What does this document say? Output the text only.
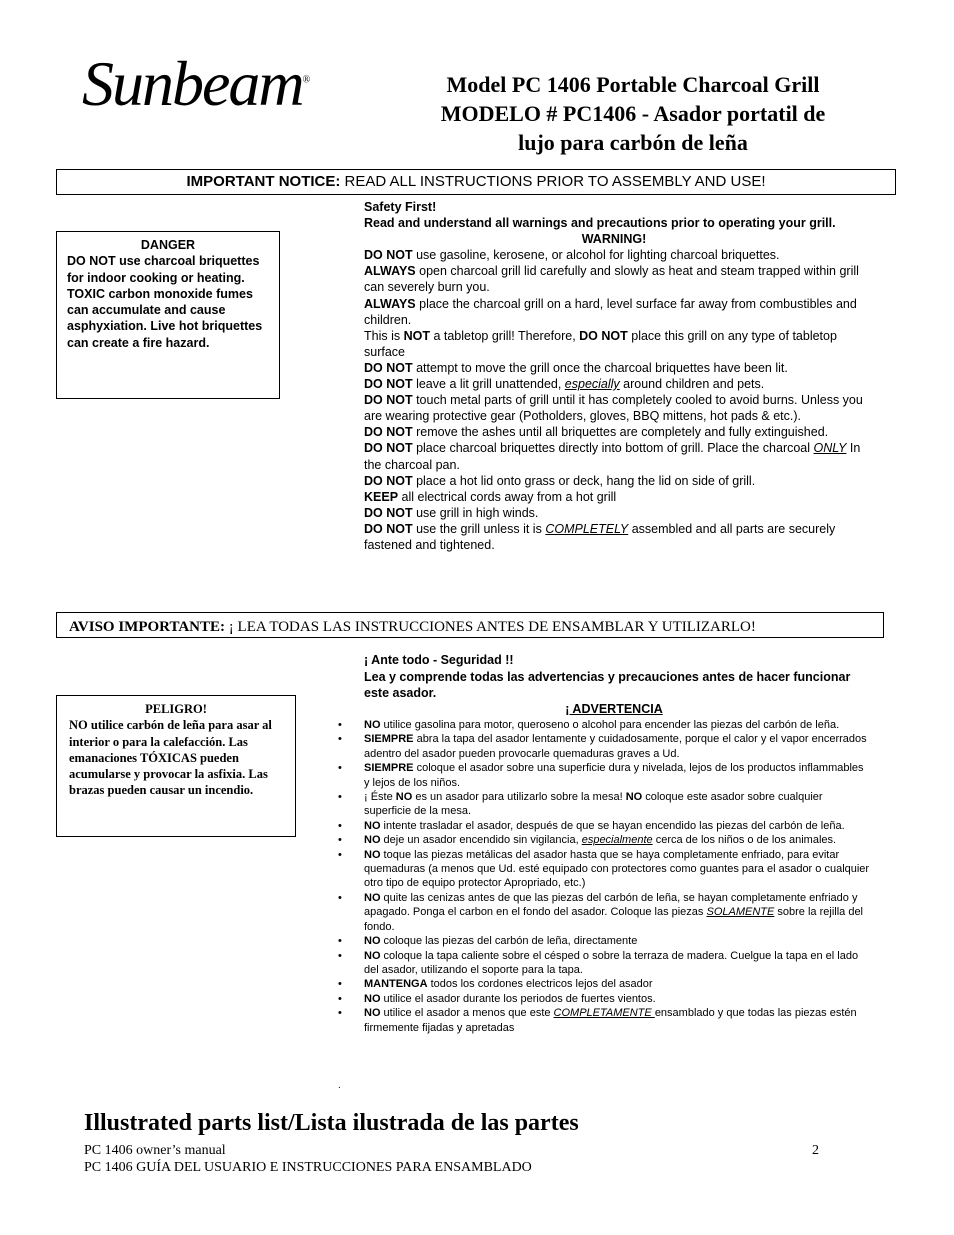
Sunbeam®	Model PC 1406 Portable Charcoal Grill
MODELO # PC1406 - Asador portatil de
lujo para carbón de leña
IMPORTANT NOTICE: READ ALL INSTRUCTIONS PRIOR TO ASSEMBLY AND USE!
DANGER
DO NOT use charcoal briquettes for indoor cooking or heating. TOXIC carbon monoxide fumes can accumulate and cause asphyxiation. Live hot briquettes can create a fire hazard.
Safety First!
Read and understand all warnings and precautions prior to operating your grill.
WARNING!
DO NOT use gasoline, kerosene, or alcohol for lighting charcoal briquettes.
ALWAYS open charcoal grill lid carefully and slowly as heat and steam trapped within grill can severely burn you.
ALWAYS place the charcoal grill on a hard, level surface far away from combustibles and children.
This is NOT a tabletop grill! Therefore, DO NOT place this grill on any type of tabletop surface
DO NOT attempt to move the grill once the charcoal briquettes have been lit.
DO NOT leave a lit grill unattended, especially around children and pets.
DO NOT touch metal parts of grill until it has completely cooled to avoid burns. Unless you are wearing protective gear (Potholders, gloves, BBQ mittens, hot pads & etc.).
DO NOT remove the ashes until all briquettes are completely and fully extinguished.
DO NOT place charcoal briquettes directly into bottom of grill. Place the charcoal ONLY In the charcoal pan.
DO NOT place a hot lid onto grass or deck, hang the lid on side of grill.
KEEP all electrical cords away from a hot grill
DO NOT use grill in high winds.
DO NOT use the grill unless it is COMPLETELY assembled and all parts are securely fastened and tightened.
AVISO IMPORTANTE: ¡ LEA TODAS LAS INSTRUCCIONES ANTES DE ENSAMBLAR Y UTILIZARLO!
PELIGRO!
NO utilice carbón de leña para asar al interior o para la calefacción. Las emanaciones TÓXICAS pueden acumularse y provocar la asfixia. Las brazas pueden causar un incendio.
¡ Ante todo - Seguridad !!
Lea y comprende todas las advertencias y precauciones antes de hacer funcionar este asador.
¡ ADVERTENCIA
• NO utilice gasolina para motor, queroseno o alcohol para encender las piezas del carbón de leña.
• SIEMPRE abra la tapa del asador lentamente y cuidadosamente, porque el calor y el vapor encerrados adentro del asador pueden provocarle quemaduras graves a Ud.
• SIEMPRE coloque el asador sobre una superficie dura y nivelada, lejos de los productos inflammables y lejos de los niños.
• ¡ Éste NO es un asador para utilizarlo sobre la mesa! NO coloque este asador sobre cualquier superficie de la mesa.
• NO intente trasladar el asador, después de que se hayan encendido las piezas del carbón de leña.
• NO deje un asador encendido sin vigilancia, especialmente cerca de los niños o de los animales.
• NO toque las piezas metálicas del asador hasta que se haya completamente enfriado, para evitar quemaduras (a menos que Ud. esté equipado con protectores como guantes para el asador o cualquier otro tipo de equipo protector Apropriado, etc.)
• NO quite las cenizas antes de que las piezas del carbón de leña, se hayan completamente enfriado y apagado. Ponga el carbon en el fondo del asador. Coloque las piezas SOLAMENTE sobre la rejilla del fondo.
• NO coloque las piezas del carbón de leña, directamente
• NO coloque la tapa caliente sobre el césped o sobre la terraza de madera. Cuelgue la tapa en el lado del asador, utilizando el soporte para la tapa.
• MANTENGA todos los cordones electricos lejos del asador
• NO utilice el asador durante los periodos de fuertes vientos.
• NO utilice el asador a menos que este COMPLETAMENTE ensamblado y que todas las piezas estén firmemente fijadas y apretadas
.
Illustrated parts list/Lista ilustrada de las partes
PC 1406 owner’s manual	2
PC 1406 GUÍA DEL USUARIO E INSTRUCCIONES PARA ENSAMBLADO
